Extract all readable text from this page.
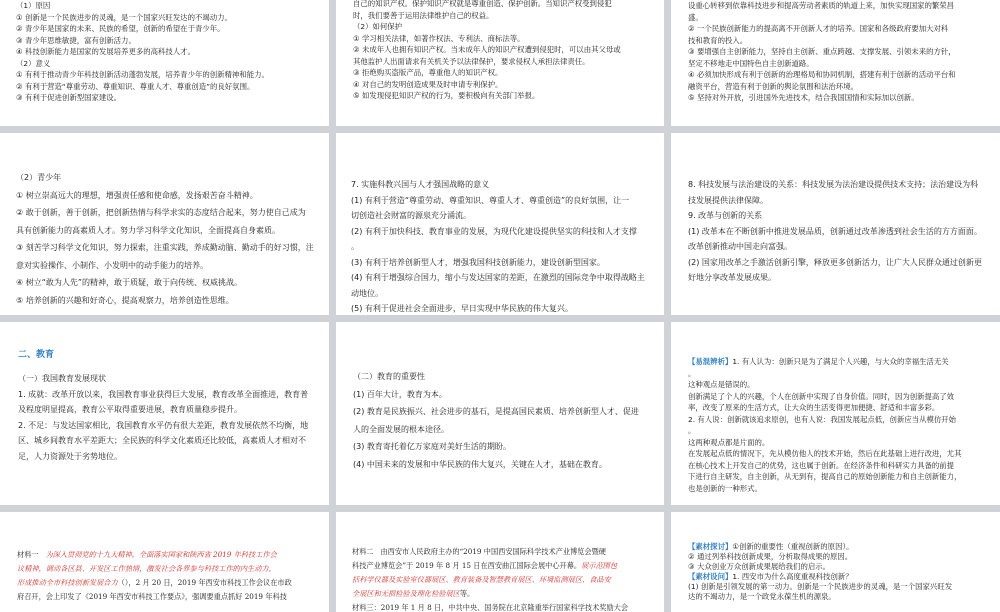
（1）原因
① 创新是一个民族进步的灵魂，是一个国家兴旺发达的不竭动力。
② 青少年是国家的未来、民族的希望，创新的希望在于青少年。
③ 青少年思维敏捷，富有创新活力。
④ 科技创新能力是国家的发展培养更多的高科技人才。
（2）意义
① 有利于推动青少年科技创新活动蓬勃发展，培养青少年的创新精神和能力。
② 有利于营造“尊重劳动、尊重知识、尊重人才、尊重创造”的良好氛围。
③ 有利于促进创新型国家建设。
自己的知识产权。保护知识产权就是尊重创造、保护创新。当知识产权受到侵犯
时，我们要善于运用法律维护自己的权益。
（2）如何保护
① 学习相关法律，如著作权法、专利法、商标法等。
② 未成年人也拥有知识产权。当未成年人的知识产权遭到侵犯时，可以由其父母或
其他监护人出面请求有关机关予以法律保护，要求侵权人承担法律责任。
③ 拒绝购买盗版产品，尊重他人的知识产权。
④ 对自己的发明创造成果及时申请专利保护。
⑤ 如发现侵犯知识产权的行为，要积极向有关部门举报。
设重心转移到依靠科技进步和提高劳动者素质的轨道上来，加快实现国家的繁荣昌
盛。
② 一个民族创新能力的提高离不开创新人才的培养。国家和各级政府要加大对科
技和教育的投入。
③ 要增强自主创新能力，坚持自主创新、重点跨越、支撑发展、引领未来的方针，
坚定不移地走中国特色自主创新道路。
④ 必须加快形成有利于创新的治理格局和协同机制，搭建有利于创新的活动平台和
融资平台，营造有利于创新的舆论氛围和法治环境。
⑤ 坚持对外开放，引进国外先进技术，结合我国国情和实际加以创新。
（2）青少年
① 树立崇高远大的理想，增强责任感和使命感，发扬艰苦奋斗精神。
② 敢于创新，善于创新，把创新热情与科学求实的态度结合起来，努力使自己成为
具有创新能力的高素质人才。努力学习科学文化知识，全面提高自身素质。
③ 刻苦学习科学文化知识，努力探索，注重实践，养成勤动脑、勤动手的好习惯，注
意对实验操作、小制作、小发明中的动手能力的培养。
④ 树立“敢为人先”的精神，敢于质疑，敢于向传统、权威挑战。
⑤ 培养创新的兴趣和好奇心，提高观察力，培养创造性思维。
7. 实施科教兴国与人才强国战略的意义
(1) 有利于营造“尊重劳动、尊重知识、尊重人才、尊重创造”的良好氛围，让一
切创造社会财富的源泉充分涌流。
(2) 有利于加快科技、教育事业的发展，为现代化建设提供坚实的科技和人才支撑
。
(3) 有利于培养创新型人才，增强我国科技创新能力，建设创新型国家。
(4) 有利于增强综合国力，缩小与发达国家的差距，在激烈的国际竞争中取得战略主
动地位。
(5) 有利于促进社会全面进步，早日实现中华民族的伟大复兴。
8. 科技发展与法治建设的关系：科技发展为法治建设提供技术支持；法治建设为科
技发展提供法律保障。
9. 改革与创新的关系
(1) 改革本在不断创新中推进发展品质，创新通过改革渗透到社会生活的方方面面。
改革创新推动中国走向富强。
(2) 国家用改革之手激活创新引擎，释放更多创新活力，让广大人民群众通过创新更
好地分享改革发展成果。
二、教育
（一）我国教育发展现状
1. 成就：改革开放以来，我国教育事业获得巨大发展，教育改革全面推进，教育普
及程度明显提高，教育公平取得重要进展，教育质量稳步提升。
2. 不足：与发达国家相比，我国教育水平仍有很大差距，教育发展依然不均衡，地
区、城乡间教育水平差距大；全民族的科学文化素质还比较低，高素质人才相对不
足，人力资源处于劣势地位。
（二）教育的重要性
(1) 百年大计，教育为本。
(2) 教育是民族振兴、社会进步的基石，是提高国民素质、培养创新型人才、促进
人的全面发展的根本途径。
(3) 教育寄托着亿万家庭对美好生活的期盼。
(4) 中国未来的发展和中华民族的伟大复兴，关键在人才，基础在教育。
【易混辨析】1. 有人认为：创新只是为了满足个人兴趣，与大众的幸福生活无关
。
这种观点是错误的。
创新满足了个人的兴趣，个人在创新中实现了自身价值。同时，因为创新提高了效
率，改变了原来的生活方式，让大众的生活变得更加便捷、舒适和丰富多彩。
2. 有人说：创新就该追求原创，也有人说：我国发展起点低，创新应当从模仿开始
。
这两种观点都是片面的。
在发展起点低的情况下，先从模仿他人的技术开始，然后在此基础上进行改进，尤其
在核心技术上开发自己的优势，这也属于创新。在经济条件和科研实力具备的前提
下进行自主研发，自主创新，从无到有，提高自己的原始创新能力和自主创新能力，
也是创新的一种形式。
材料一 为深入贯彻党的十九大精神，全面落实国家和陕西省 2019 年科技工作会
议精神，调动各区县、开发区工作热情，激发社会各界参与科技工作的内生动力，
形成推动全市科技创新发展合力（），2 月 20 日，2019 年西安市科技工作会议在市政
府召开，会上印发了《2019 年西安市科技工作要点》，强调要重点抓好 2019 年科技
材料二 由西安市人民政府主办的“2019 中国西安国际科学技术产业博览会暨硬
科技产业博览会”于 2019 年 8 月 15 日在西安曲江国际会展中心开幕。展示范围包
括科学仪器及实验室仪器展区、教育装备及智慧教育展区、环境监测展区、食品安
全展区和无损检验及理化检验展区等。
材料三：2019 年 1 月 8 日，中共中央、国务院在北京隆重举行国家科学技术奖励大会
【素材探讨】①创新的重要性（重视创新的原因）。
② 通过列举科技创新成果，分析取得成果的原因。
③ 大众创业万众创新成果展给我们的启示。
【素材设问】1. 西安市为什么高度重视科技创新？
(1) 创新是引领发展的第一动力。创新是一个民族进步的灵魂，是一个国家兴旺发
达的不竭动力，是一个政党永葆生机的源泉。
